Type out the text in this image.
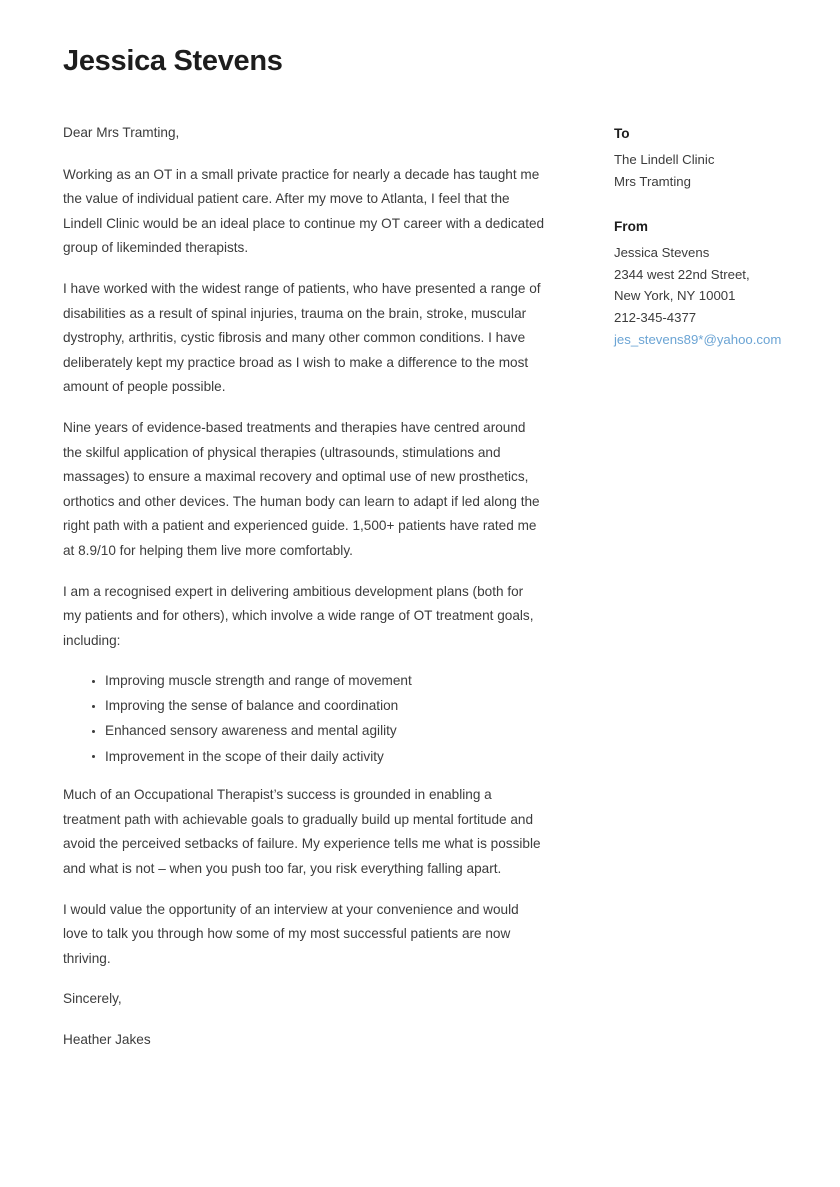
Jessica Stevens

Dear Mrs Tramting,

Working as an OT in a small private practice for nearly a decade has taught me the value of individual patient care. After my move to Atlanta, I feel that the Lindell Clinic would be an ideal place to continue my OT career with a dedicated group of likeminded therapists.

I have worked with the widest range of patients, who have presented a range of disabilities as a result of spinal injuries, trauma on the brain, stroke, muscular dystrophy, arthritis, cystic fibrosis and many other common conditions. I have deliberately kept my practice broad as I wish to make a difference to the most amount of people possible.

Nine years of evidence-based treatments and therapies have centred around the skilful application of physical therapies (ultrasounds, stimulations and massages) to ensure a maximal recovery and optimal use of new prosthetics, orthotics and other devices. The human body can learn to adapt if led along the right path with a patient and experienced guide. 1,500+ patients have rated me at 8.9/10 for helping them live more comfortably.

I am a recognised expert in delivering ambitious development plans (both for my patients and for others), which involve a wide range of OT treatment goals, including:

Improving muscle strength and range of movement
Improving the sense of balance and coordination
Enhanced sensory awareness and mental agility
Improvement in the scope of their daily activity

Much of an Occupational Therapist’s success is grounded in enabling a treatment path with achievable goals to gradually build up mental fortitude and avoid the perceived setbacks of failure. My experience tells me what is possible and what is not – when you push too far, you risk everything falling apart.

I would value the opportunity of an interview at your convenience and would love to talk you through how some of my most successful patients are now thriving.

Sincerely,

Heather Jakes

To
The Lindell Clinic
Mrs Tramting
From
Jessica Stevens
2344 west 22nd Street,
New York, NY 10001
212-345-4377
jes_stevens89*@yahoo.com
